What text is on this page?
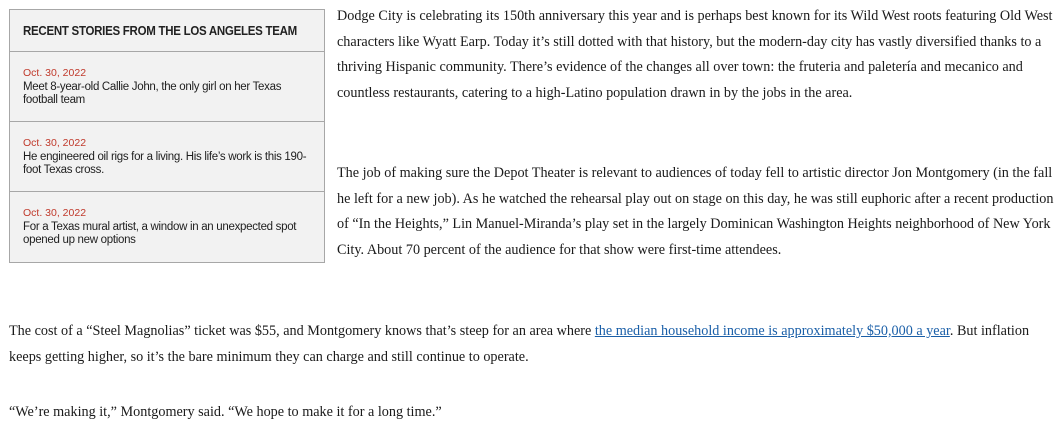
RECENT STORIES FROM THE LOS ANGELES TEAM
Oct. 30, 2022
Meet 8-year-old Callie John, the only girl on her Texas football team
Oct. 30, 2022
He engineered oil rigs for a living. His life’s work is this 190-foot Texas cross.
Oct. 30, 2022
For a Texas mural artist, a window in an unexpected spot opened up new options

Dodge City is celebrating its 150th anniversary this year and is perhaps best known for its Wild West roots featuring Old West characters like Wyatt Earp. Today it’s still dotted with that history, but the modern-day city has vastly diversified thanks to a thriving Hispanic community. There’s evidence of the changes all over town: the fruteria and paletería and mecanico and countless restaurants, catering to a high-Latino population drawn in by the jobs in the area.

The job of making sure the Depot Theater is relevant to audiences of today fell to artistic director Jon Montgomery (in the fall he left for a new job). As he watched the rehearsal play out on stage on this day, he was still euphoric after a recent production of “In the Heights,” Lin Manuel-Miranda’s play set in the largely Dominican Washington Heights neighborhood of New York City. About 70 percent of the audience for that show were first-time attendees.

The cost of a “Steel Magnolias” ticket was $55, and Montgomery knows that’s steep for an area where the median household income is approximately $50,000 a year. But inflation keeps getting higher, so it’s the bare minimum they can charge and still continue to operate.

“We’re making it,” Montgomery said. “We hope to make it for a long time.”
